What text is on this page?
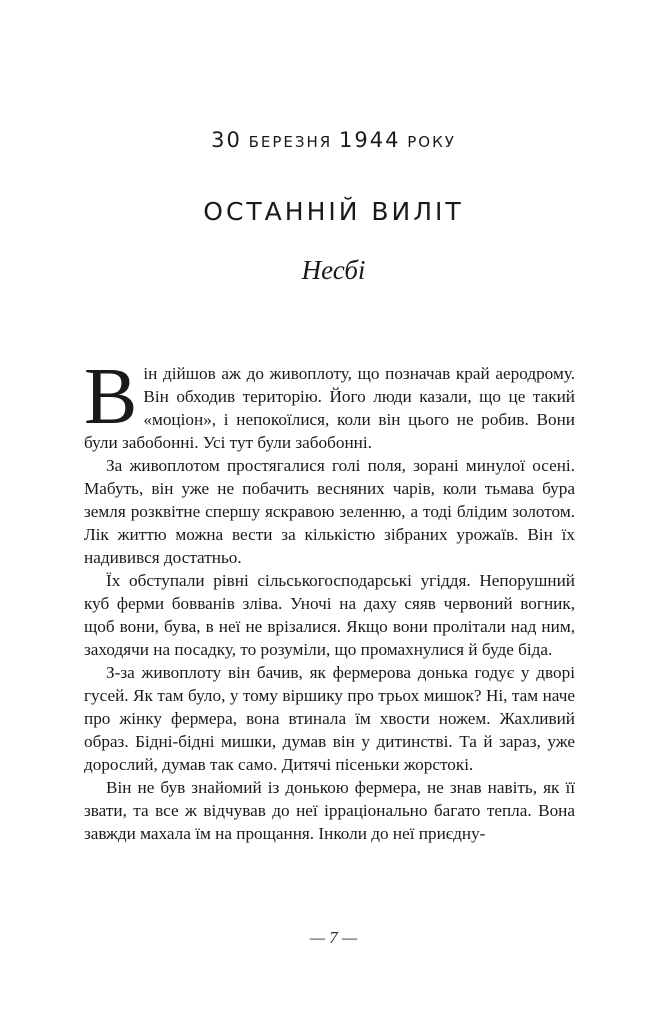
30 БЕРЕЗНЯ 1944 РОКУ
ОСТАННІЙ ВИЛІТ
Несбі

Він дійшов аж до живоплоту, що позначав край аеродрому. Він обходив територію. Його люди казали, що це такий «моціон», і непокоїлися, коли він цього не робив. Вони були забобонні. Усі тут були забобонні.

За живоплотом простягалися голі поля, зорані минулої осені. Мабуть, він уже не побачить весняних чарів, коли тьмава бура земля розквітне спершу яскравою зеленню, а тоді блідим золотом. Лік життю можна вести за кількістю зібраних урожаїв. Він їх надивився достатньо.

Їх обступали рівні сільськогосподарські угіддя. Непорушний куб ферми бовванів зліва. Уночі на даху сяяв червоний вогник, щоб вони, бува, в неї не врізалися. Якщо вони пролітали над ним, заходячи на посадку, то розуміли, що промахнулися й буде біда.

З-за живоплоту він бачив, як фермерова донька годує у дворі гусей. Як там було, у тому віршику про трьох мишок? Ні, там наче про жінку фермера, вона втинала їм хвости ножем. Жахливий образ. Бідні-бідні мишки, думав він у дитинстві. Та й зараз, уже дорослий, думав так само. Дитячі пісеньки жорстокі.

Він не був знайомий із донькою фермера, не знав навіть, як її звати, та все ж відчував до неї ірраціонально багато тепла. Вона завжди махала їм на прощання. Інколи до неї приєдну-

— 7 —
